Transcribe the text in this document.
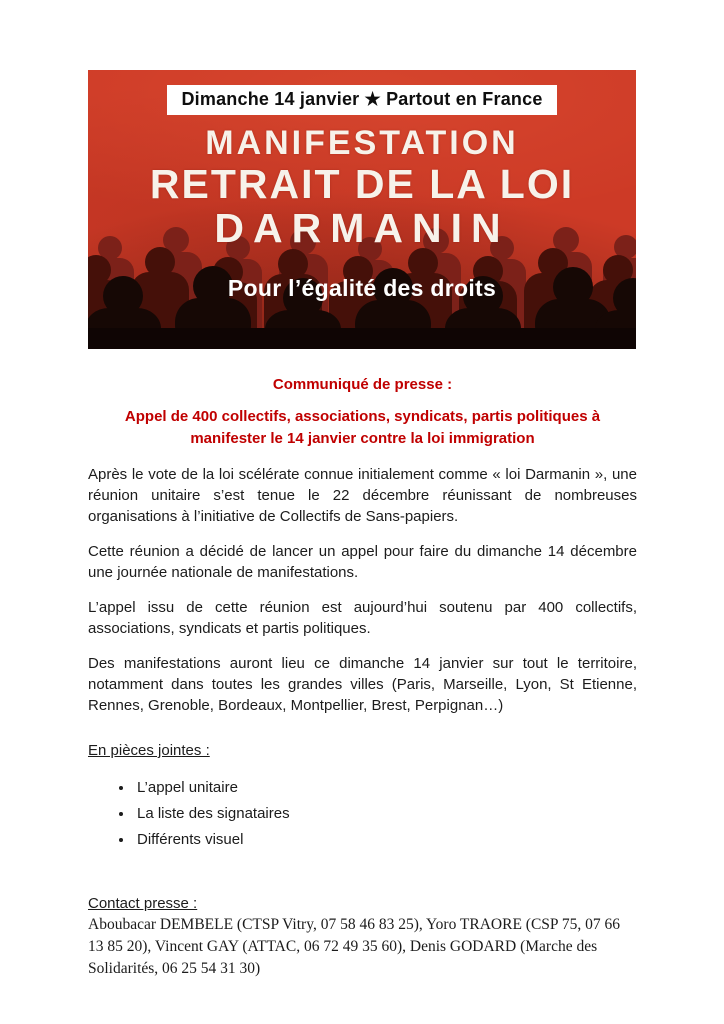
Dimanche 14 janvier ★ Partout en France
MANIFESTATION
RETRAIT DE LA LOI
DARMANIN
Pour l’égalité des droits

Communiqué de presse :

Appel de 400 collectifs, associations, syndicats, partis politiques à manifester le 14 janvier contre la loi immigration

Après le vote de la loi scélérate connue initialement comme « loi Darmanin », une réunion unitaire s’est tenue le 22 décembre réunissant de nombreuses organisations à l’initiative de Collectifs de Sans-papiers.

Cette réunion a décidé de lancer un appel pour faire du dimanche 14 décembre une journée nationale de manifestations.

L’appel issu de cette réunion est aujourd’hui soutenu par 400 collectifs, associations, syndicats et partis politiques.

Des manifestations auront lieu ce dimanche 14 janvier sur tout le territoire, notamment dans toutes les grandes villes (Paris, Marseille, Lyon, St Etienne, Rennes, Grenoble, Bordeaux, Montpellier, Brest, Perpignan…)

En pièces jointes :

• L’appel unitaire
• La liste des signataires
• Différents visuel

Contact presse :

Aboubacar DEMBELE (CTSP Vitry, 07 58 46 83 25), Yoro TRAORE (CSP 75, 07 66 13 85 20), Vincent GAY (ATTAC, 06 72 49 35 60), Denis GODARD (Marche des Solidarités, 06 25 54 31 30)
